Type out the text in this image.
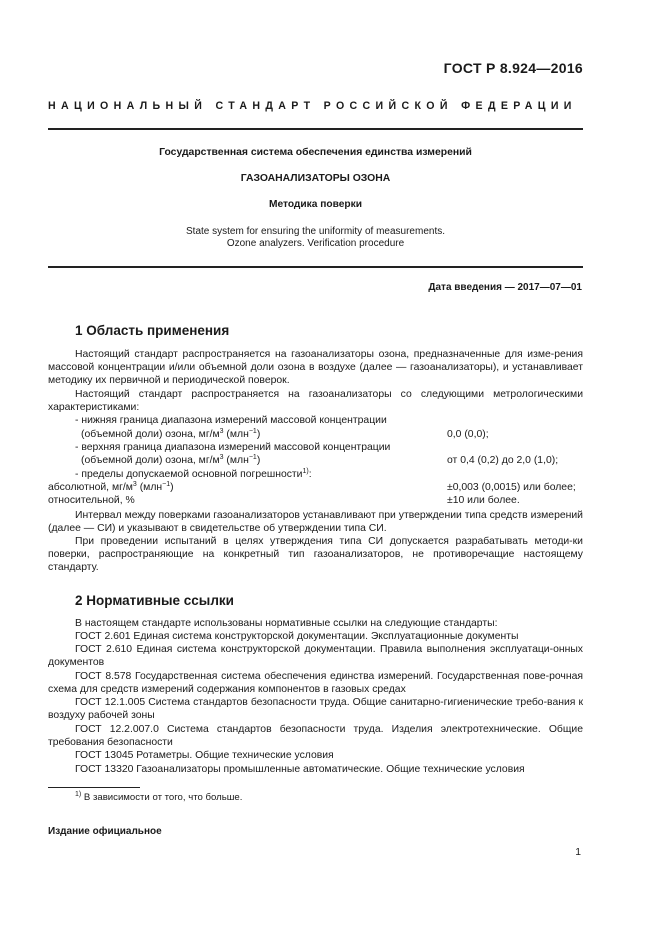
ГОСТ Р 8.924—2016
НАЦИОНАЛЬНЫЙ СТАНДАРТ РОССИЙСКОЙ ФЕДЕРАЦИИ
Государственная система обеспечения единства измерений
ГАЗОАНАЛИЗАТОРЫ ОЗОНА
Методика поверки
State system for ensuring the uniformity of measurements.
Ozone analyzers. Verification procedure
Дата введения — 2017—07—01
1 Область применения
Настоящий стандарт распространяется на газоанализаторы озона, предназначенные для изме-рения массовой концентрации и/или объемной доли озона в воздухе (далее — газоанализаторы), и устанавливает методику их первичной и периодической поверок.
Настоящий стандарт распространяется на газоанализаторы со следующими метрологическими характеристиками:
- нижняя граница диапазона измерений массовой концентрации
(объемной доли) озона, $мг/м^3$ (млн$^{-1}$)	0,0 (0,0);
- верхняя граница диапазона измерений массовой концентрации
(объемной доли) озона, $мг/м^3$ (млн$^{-1}$)	от 0,4 (0,2) до 2,0 (1,0);
- пределы допускаемой основной погрешности$^{1)}$:
абсолютной, $мг/м^3$ (млн$^{-1}$)	±0,003 (0,0015) или более;
относительной, %	±10 или более.
Интервал между поверками газоанализаторов устанавливают при утверждении типа средств измерений (далее — СИ) и указывают в свидетельстве об утверждении типа СИ.
При проведении испытаний в целях утверждения типа СИ допускается разрабатывать методи-ки поверки, распространяющие на конкретный тип газоанализаторов, не противоречащие настоящему стандарту.
2 Нормативные ссылки
В настоящем стандарте использованы нормативные ссылки на следующие стандарты:
ГОСТ 2.601 Единая система конструкторской документации. Эксплуатационные документы
ГОСТ 2.610 Единая система конструкторской документации. Правила выполнения эксплуатаци-онных документов
ГОСТ 8.578 Государственная система обеспечения единства измерений. Государственная пове-рочная схема для средств измерений содержания компонентов в газовых средах
ГОСТ 12.1.005 Система стандартов безопасности труда. Общие санитарно-гигиенические требо-вания к воздуху рабочей зоны
ГОСТ 12.2.007.0 Система стандартов безопасности труда. Изделия электротехнические. Общие требования безопасности
ГОСТ 13045 Ротаметры. Общие технические условия
ГОСТ 13320 Газоанализаторы промышленные автоматические. Общие технические условия
$^{1)}$ В зависимости от того, что больше.
Издание официальное
1
